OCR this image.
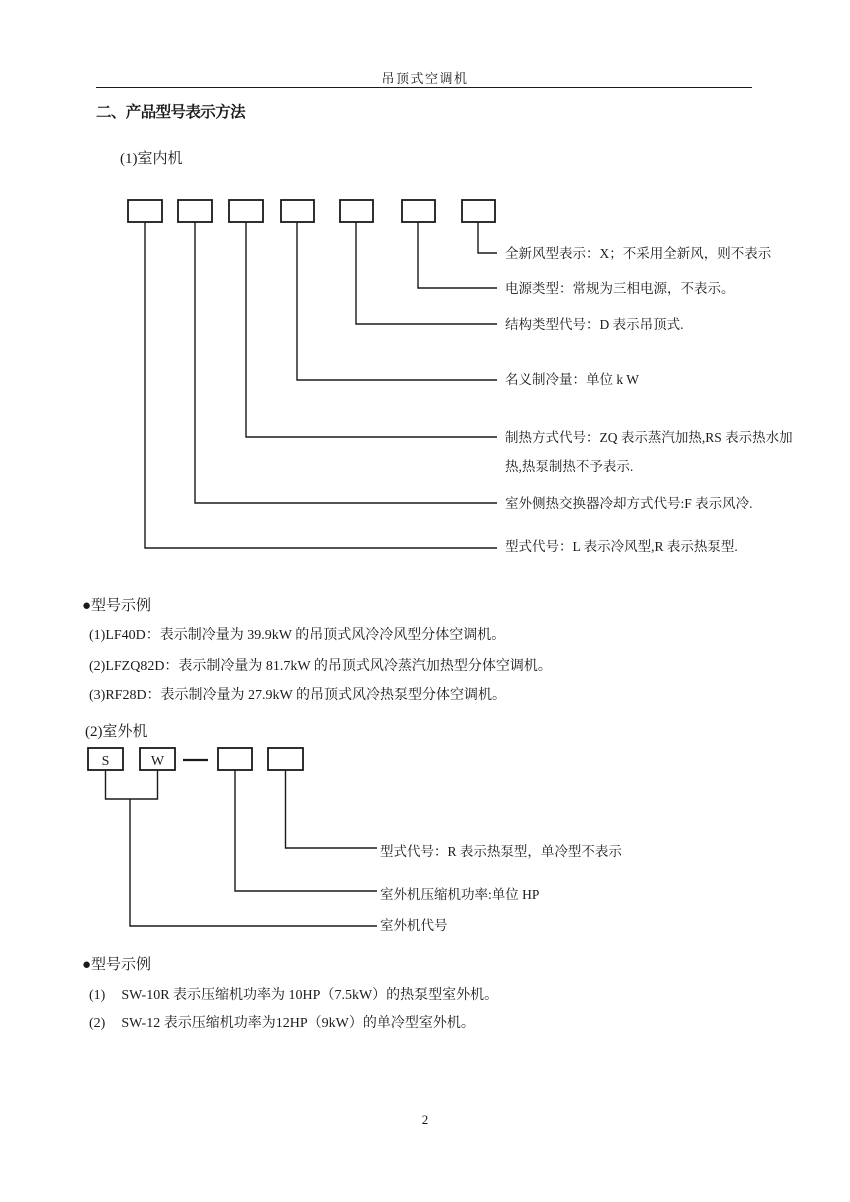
吊顶式空调机
二、产品型号表示方法
(1)室内机
(2)室外机
S	W
全新风型表示：X；不采用全新风，则不表示
电源类型：常规为三相电源，不表示。
结构类型代号：D 表示吊顶式.
名义制冷量：单位 k W
制热方式代号：ZQ 表示蒸汽加热,RS 表示热水加
热,热泵制热不予表示.
室外侧热交换器冷却方式代号:F 表示风冷.
型式代号：L 表示冷风型,R 表示热泵型.
●型号示例
(1)LF40D：表示制冷量为 39.9kW 的吊顶式风冷冷风型分体空调机。
(2)LFZQ82D：表示制冷量为 81.7kW 的吊顶式风冷蒸汽加热型分体空调机。
(3)RF28D：表示制冷量为 27.9kW 的吊顶式风冷热泵型分体空调机。
型式代号：R 表示热泵型，单冷型不表示
室外机压缩机功率:单位 HP
室外机代号
●型号示例
(1) SW-10R 表示压缩机功率为 10HP（7.5kW）的热泵型室外机。
(2) SW-12 表示压缩机功率为12HP（9kW）的单冷型室外机。
2
